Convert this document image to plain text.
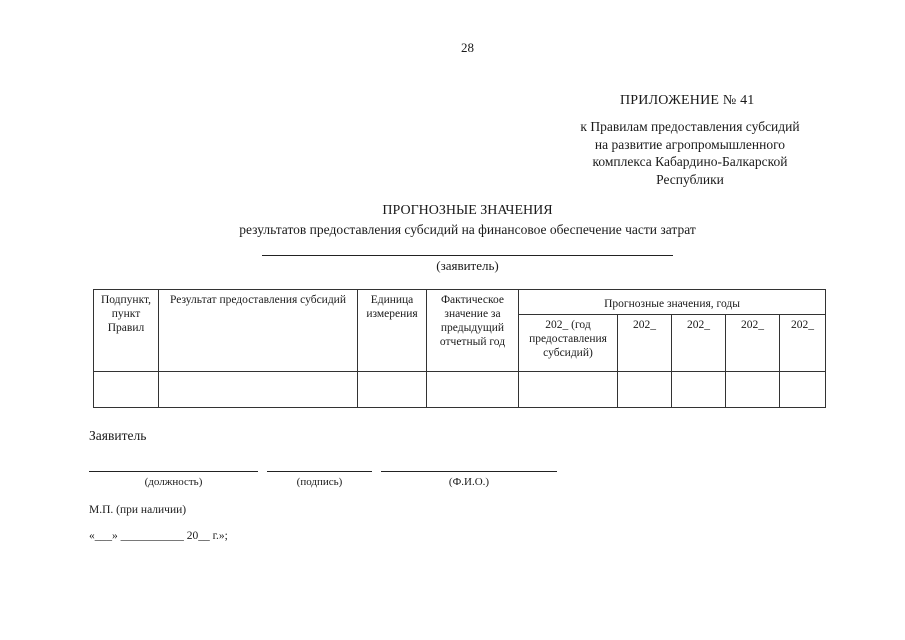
28
ПРИЛОЖЕНИЕ № 41
к Правилам предоставления субсидий
на развитие агропромышленного
комплекса Кабардино-Балкарской
Республики
ПРОГНОЗНЫЕ ЗНАЧЕНИЯ
результатов предоставления субсидий на финансовое обеспечение части затрат
(заявитель)
Подпункт, пункт Правил	Результат предоставления субсидий	Единица измерения	Фактическое значение за предыдущий отчетный год	Прогнозные значения, годы				
				202_ (год предоставления субсидий)	202_	202_	202_	202_

Заявитель
(должность)	(подпись)	(Ф.И.О.)
М.П. (при наличии)
«___» ___________ 20__ г.»;
